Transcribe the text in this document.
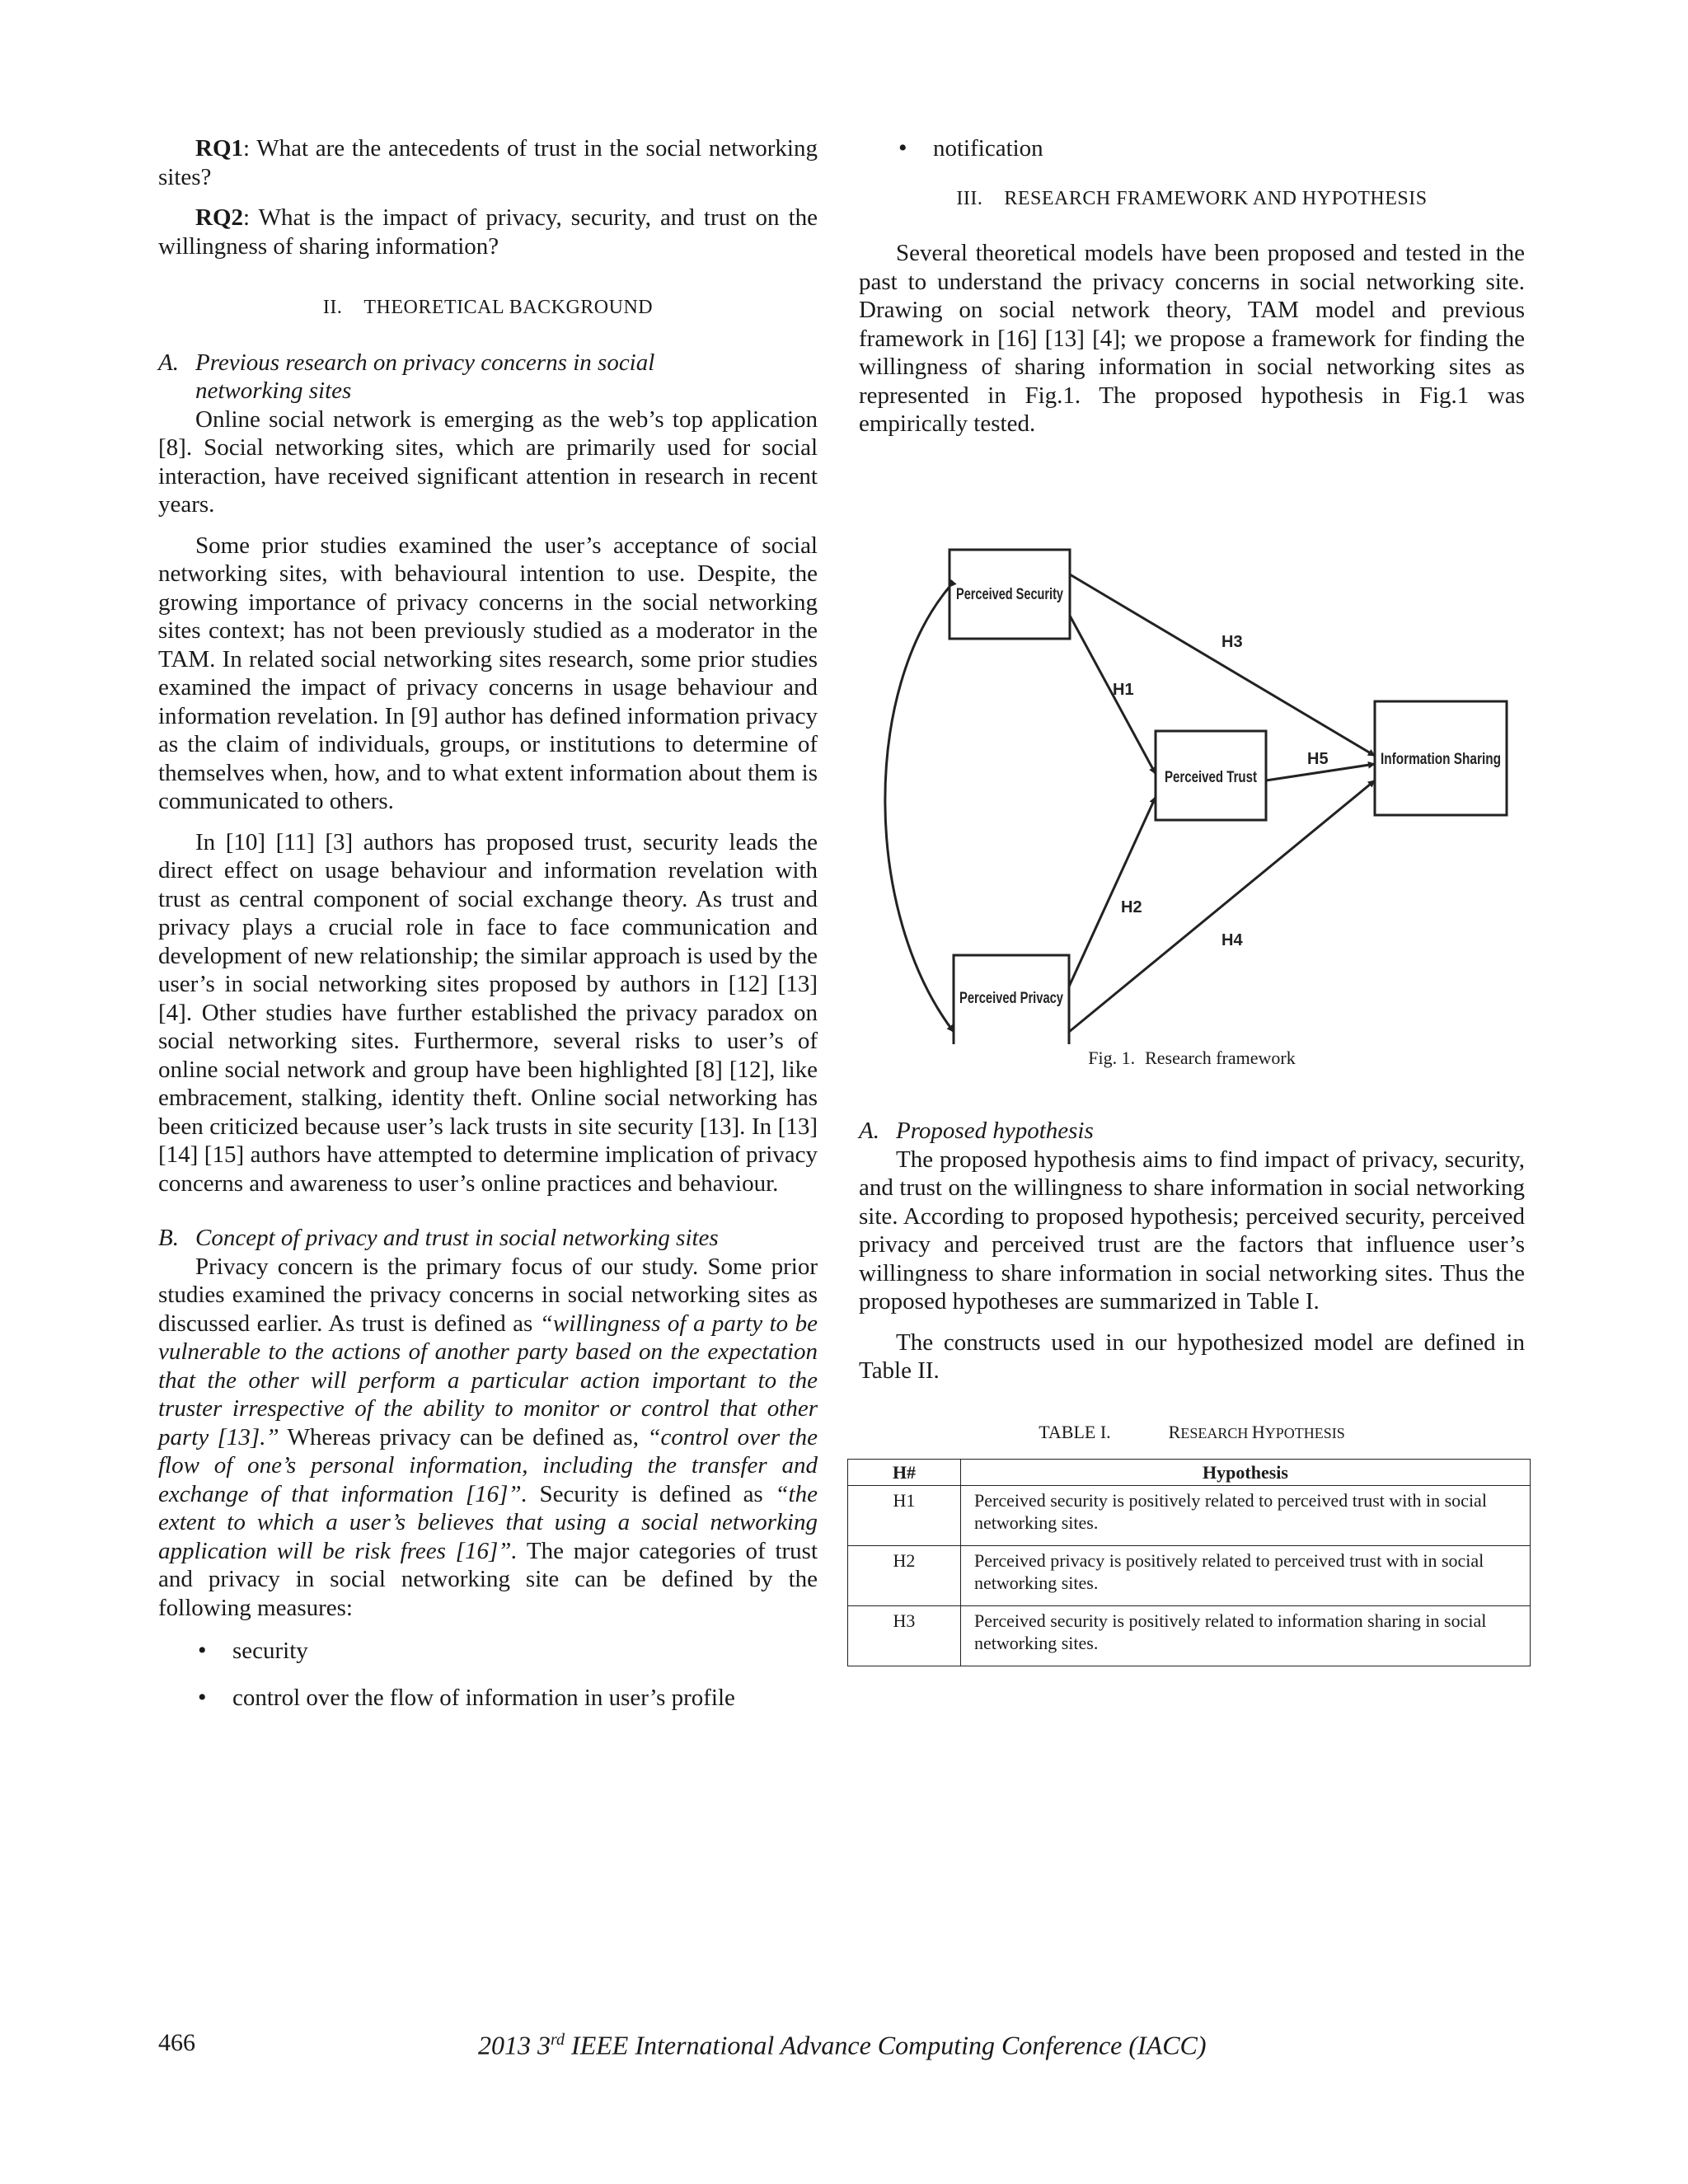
RQ1: What are the antecedents of trust in the social networking sites?

RQ2: What is the impact of privacy, security, and trust on the willingness of sharing information?

II. THEORETICAL BACKGROUND
A. Previous research on privacy concerns in social
networking sites

Online social network is emerging as the web’s top application [8]. Social networking sites, which are primarily used for social interaction, have received significant attention in research in recent years.

Some prior studies examined the user’s acceptance of social networking sites, with behavioural intention to use. Despite, the growing importance of privacy concerns in the social networking sites context; has not been previously studied as a moderator in the TAM. In related social networking sites research, some prior studies examined the impact of privacy concerns in usage behaviour and information revelation. In [9] author has defined information privacy as the claim of individuals, groups, or institutions to determine of themselves when, how, and to what extent information about them is communicated to others.

In [10] [11] [3] authors has proposed trust, security leads the direct effect on usage behaviour and information revelation with trust as central component of social exchange theory. As trust and privacy plays a crucial role in face to face communication and development of new relationship; the similar approach is used by the user’s in social networking sites proposed by authors in [12] [13] [4]. Other studies have further established the privacy paradox on social networking sites. Furthermore, several risks to user’s of online social network and group have been highlighted [8] [12], like embracement, stalking, identity theft. Online social networking has been criticized because user’s lack trusts in site security [13]. In [13] [14] [15] authors have attempted to determine implication of privacy concerns and awareness to user’s online practices and behaviour.

B. Concept of privacy and trust in social networking sites

Privacy concern is the primary focus of our study. Some prior studies examined the privacy concerns in social networking sites as discussed earlier. As trust is defined as “willingness of a party to be vulnerable to the actions of another party based on the expectation that the other will perform a particular action important to the truster irrespective of the ability to monitor or control that other party [13].” Whereas privacy can be defined as, “control over the flow of one’s personal information, including the transfer and exchange of that information [16]”. Security is defined as “the extent to which a user’s believes that using a social networking application will be risk frees [16]”. The major categories of trust and privacy in social networking site can be defined by the following measures:

• security
• control over the flow of information in user’s profile
• notification
III. RESEARCH FRAMEWORK AND HYPOTHESIS

Several theoretical models have been proposed and tested in the past to understand the privacy concerns in social networking site. Drawing on social network theory, TAM model and previous framework in [16] [13] [4]; we propose a framework for finding the willingness of sharing information in social networking sites as represented in Fig.1. The proposed hypothesis in Fig.1 was empirically tested.

Perceived Security
Perceived Trust
Information Sharing
Perceived Privacy
H3
H1
H5
H2
H4
Fig. 1. Research framework
A. Proposed hypothesis

The proposed hypothesis aims to find impact of privacy, security, and trust on the willingness to share information in social networking site. According to proposed hypothesis; perceived security, perceived privacy and perceived trust are the factors that influence user’s willingness to share information in social networking sites. Thus the proposed hypotheses are summarized in Table I.

The constructs used in our hypothesized model are defined in Table II.

TABLE I.	RESEARCH HYPOTHESIS
H#	Hypothesis
H1	Perceived security is positively related to perceived trust with in social networking sites.
H2	Perceived privacy is positively related to perceived trust with in social networking sites.
H3	Perceived security is positively related to information sharing in social networking sites.
466	2013 3rd IEEE International Advance Computing Conference (IACC)
